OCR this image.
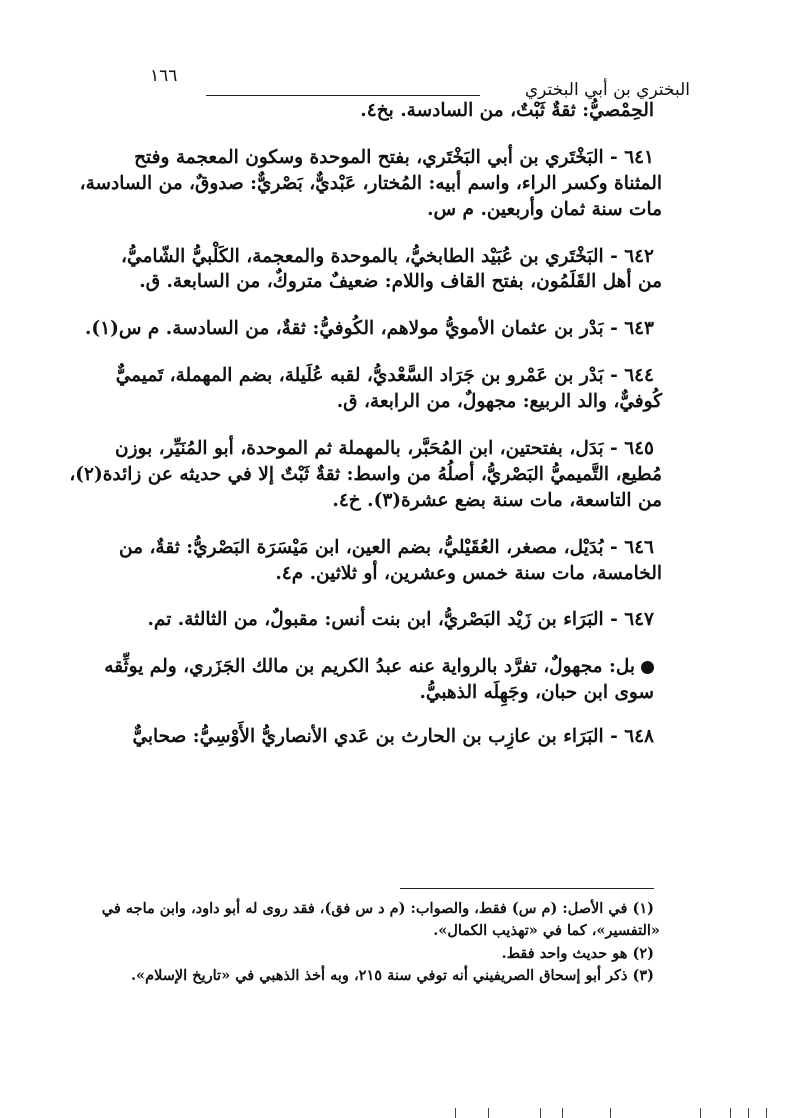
البختري بن أبي البختري
١٦٦
الحِمْصيُّ: ثقةٌ ثَبْتٌ، من السادسة. بخ٤.
٦٤١ - البَخْتَري بن أبي البَخْتَري، بفتح الموحدة وسكون المعجمة وفتح
المثناة وكسر الراء، واسم أبيه: المُختار، عَبْديٌّ، بَصْريٌّ: صدوقٌ، من السادسة،
مات سنة ثمان وأربعين. م س.
٦٤٢ - البَخْتَري بن عُبَيْد الطابخيُّ، بالموحدة والمعجمة، الكَلْبيُّ الشّاميُّ،
من أهل القَلَمُون، بفتح القاف واللام: ضعيفٌ متروكٌ، من السابعة. ق.
٦٤٣ - بَدْر بن عثمان الأمويُّ مولاهم، الكُوفيُّ: ثقةٌ، من السادسة. م س(١).
٦٤٤ - بَدْر بن عَمْرو بن جَرَاد السَّعْديُّ، لقبه عُلَيلة، بضم المهملة، تَميميٌّ
كُوفيٌّ، والد الربيع: مجهولٌ، من الرابعة، ق.
٦٤٥ - بَدَل، بفتحتين، ابن المُحَبَّر، بالمهملة ثم الموحدة، أبو المُنَيِّر، بوزن
مُطيع، التَّميميُّ البَصْريُّ، أصلُهُ من واسط: ثقةٌ ثَبْتٌ إلا في حديثه عن زائدة(٢)،
من التاسعة، مات سنة بضع عشرة(٣). خ٤.
٦٤٦ - بُدَيْل، مصغر، العُقَيْليُّ، بضم العين، ابن مَيْسَرَة البَصْريُّ: ثقةٌ، من
الخامسة، مات سنة خمس وعشرين، أو ثلاثين. م٤.
٦٤٧ - البَرَاء بن زَيْد البَصْريُّ، ابن بنت أنس: مقبولٌ، من الثالثة. تم.
بل: مجهولٌ، تفرَّد بالرواية عنه عبدُ الكريم بن مالك الجَزَري، ولم يوثِّقه
سوى ابن حبان، وجَهِلَه الذهبيُّ.
٦٤٨ - البَرَاء بن عازِب بن الحارث بن عَدي الأنصاريُّ الأَوْسِيُّ: صحابيٌّ
(١) في الأصل: (م س) فقط، والصواب: (م د س فق)، فقد روى له أبو داود، وابن ماجه في
«التفسير»، كما في «تهذيب الكمال».
(٢) هو حديث واحد فقط.
(٣) ذكر أبو إسحاق الصريفيني أنه توفي سنة ٢١٥، وبه أخذ الذهبي في «تاريخ الإسلام».
